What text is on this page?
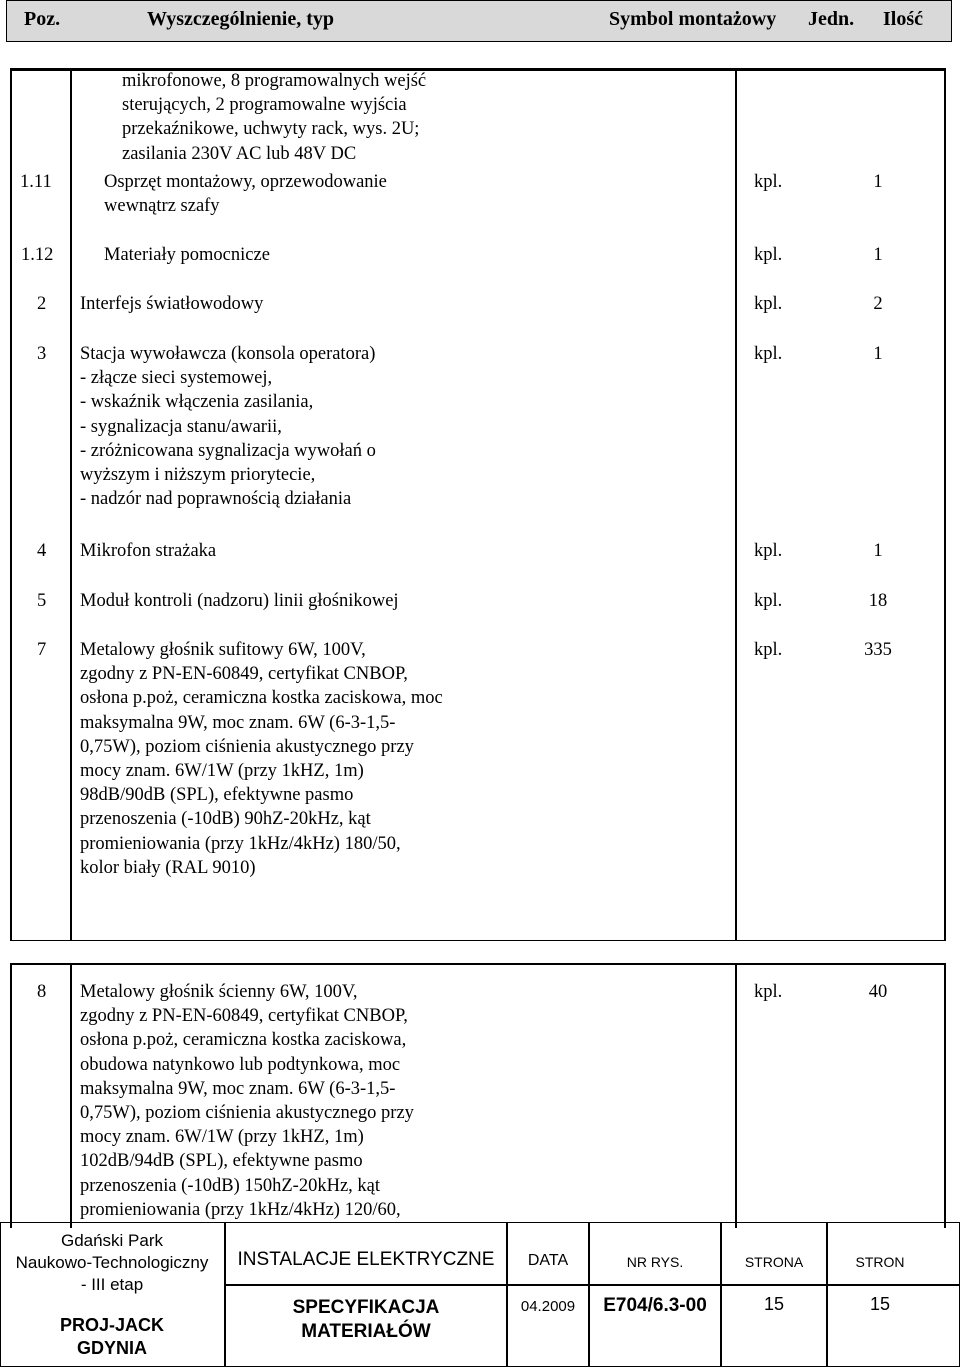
Poz.	Wyszczególnienie, typ	Symbol montażowy Jedn. Ilość
mikrofonowe, 8 programowalnych wejść
sterujących, 2 programowalne wyjścia
przekaźnikowe, uchwyty rack, wys. 2U;
zasilania 230V AC lub 48V DC
1.11	Osprzęt montażowy, oprzewodowanie
wewnątrz szafy
kpl.	1
1.12	Materiały pomocnicze	kpl.	1
2 Interfejs światłowodowy	kpl.	2
3 Stacja wywoławcza (konsola operatora)
- złącze sieci systemowej,
- wskaźnik włączenia zasilania,
- sygnalizacja stanu/awarii,
- zróżnicowana sygnalizacja wywołań o
wyższym i niższym priorytecie,
- nadzór nad poprawnością działania
kpl.	1
4 Mikrofon strażaka	kpl.	1
5 Moduł kontroli (nadzoru) linii głośnikowej	kpl.	18
7 Metalowy głośnik sufitowy 6W, 100V,
zgodny z PN-EN-60849, certyfikat CNBOP,
osłona p.poż, ceramiczna kostka zaciskowa, moc
maksymalna 9W, moc znam. 6W (6-3-1,5-
0,75W), poziom ciśnienia akustycznego przy
mocy znam. 6W/1W (przy 1kHZ, 1m)
98dB/90dB (SPL), efektywne pasmo
przenoszenia (-10dB) 90hZ-20kHz, kąt
promieniowania (przy 1kHz/4kHz) 180/50,
kolor biały (RAL 9010)
kpl.	335
8 Metalowy głośnik ścienny 6W, 100V,
zgodny z PN-EN-60849, certyfikat CNBOP,
osłona p.poż, ceramiczna kostka zaciskowa,
obudowa natynkowo lub podtynkowa, moc
maksymalna 9W, moc znam. 6W (6-3-1,5-
0,75W), poziom ciśnienia akustycznego przy
mocy znam. 6W/1W (przy 1kHZ, 1m)
102dB/94dB (SPL), efektywne pasmo
przenoszenia (-10dB) 150hZ-20kHz, kąt
promieniowania (przy 1kHz/4kHz) 120/60,
kpl.	40
Gdański Park
Naukowo-Technologiczny
- III etap
PROJ-JACK
GDYNIA
INSTALACJE ELEKTRYCZNE
SPECYFIKACJA
MATERIAŁÓW
DATA
04.2009
NR RYS.
E704/6.3-00
STRONA
15
STRON
15
